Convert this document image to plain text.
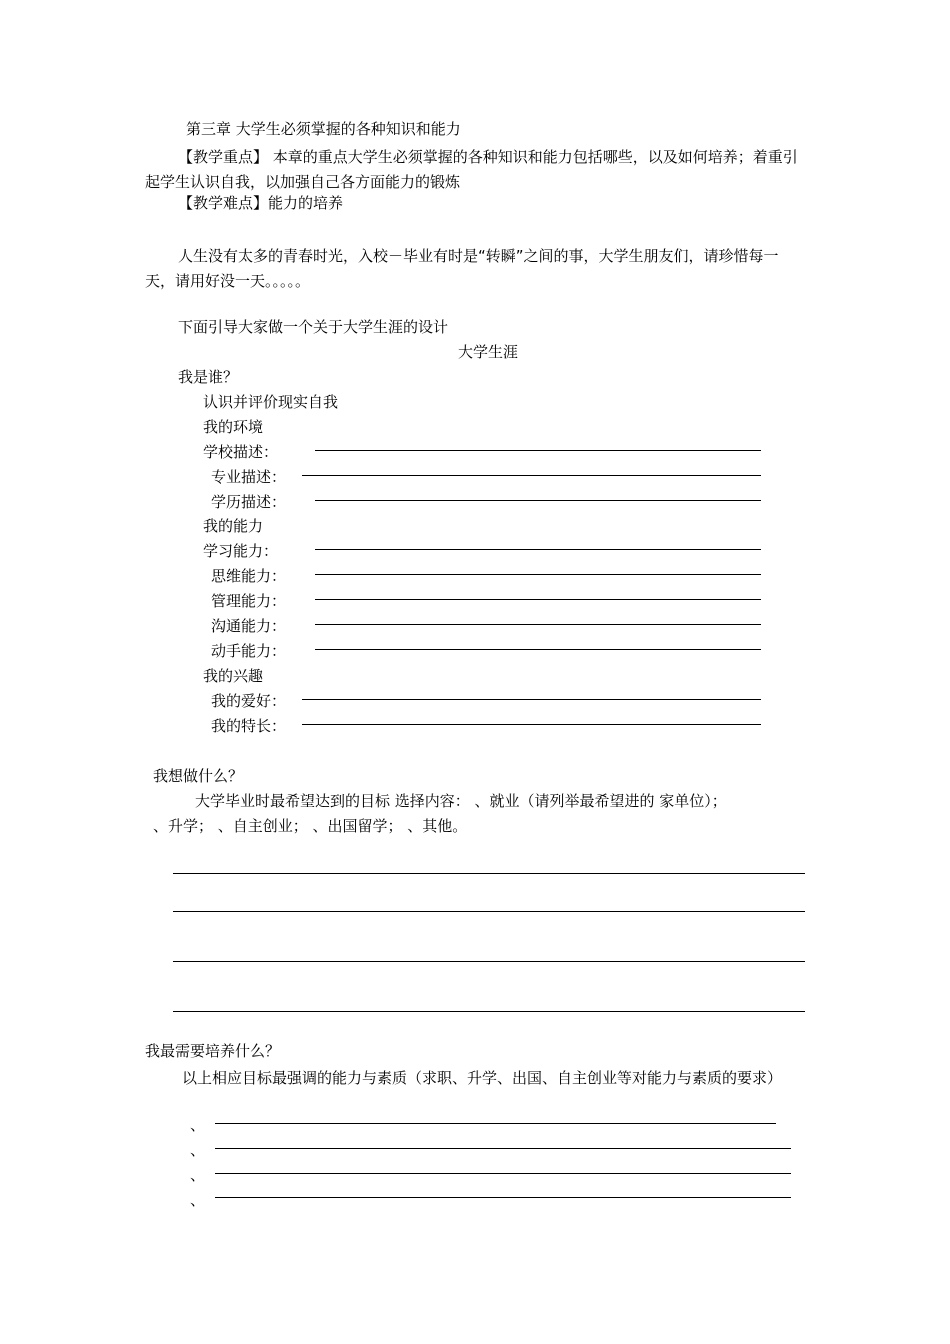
第三章 大学生必须掌握的各种知识和能力
【教学重点】 本章的重点大学生必须掌握的各种知识和能力包括哪些，以及如何培养；着重引起学生认识自我，以加强自己各方面能力的锻炼
【教学难点】能力的培养
人生没有太多的青春时光，入校－毕业有时是“转瞬”之间的事，大学生朋友们，请珍惜每一天，请用好没一天。。。。。
下面引导大家做一个关于大学生涯的设计
大学生涯
我是谁？
认识并评价现实自我
我的环境
学校描述：
专业描述：
学历描述：
我的能力
学习能力：
思维能力：
管理能力：
沟通能力：
动手能力：
我的兴趣
我的爱好：
我的特长：
我想做什么？
大学毕业时最希望达到的目标 选择内容： 、就业（请列举最希望进的 家单位）；
、升学； 、自主创业； 、出国留学； 、其他。
我最需要培养什么？
以上相应目标最强调的能力与素质（求职、升学、出国、自主创业等对能力与素质的要求）
、
、
、
、
